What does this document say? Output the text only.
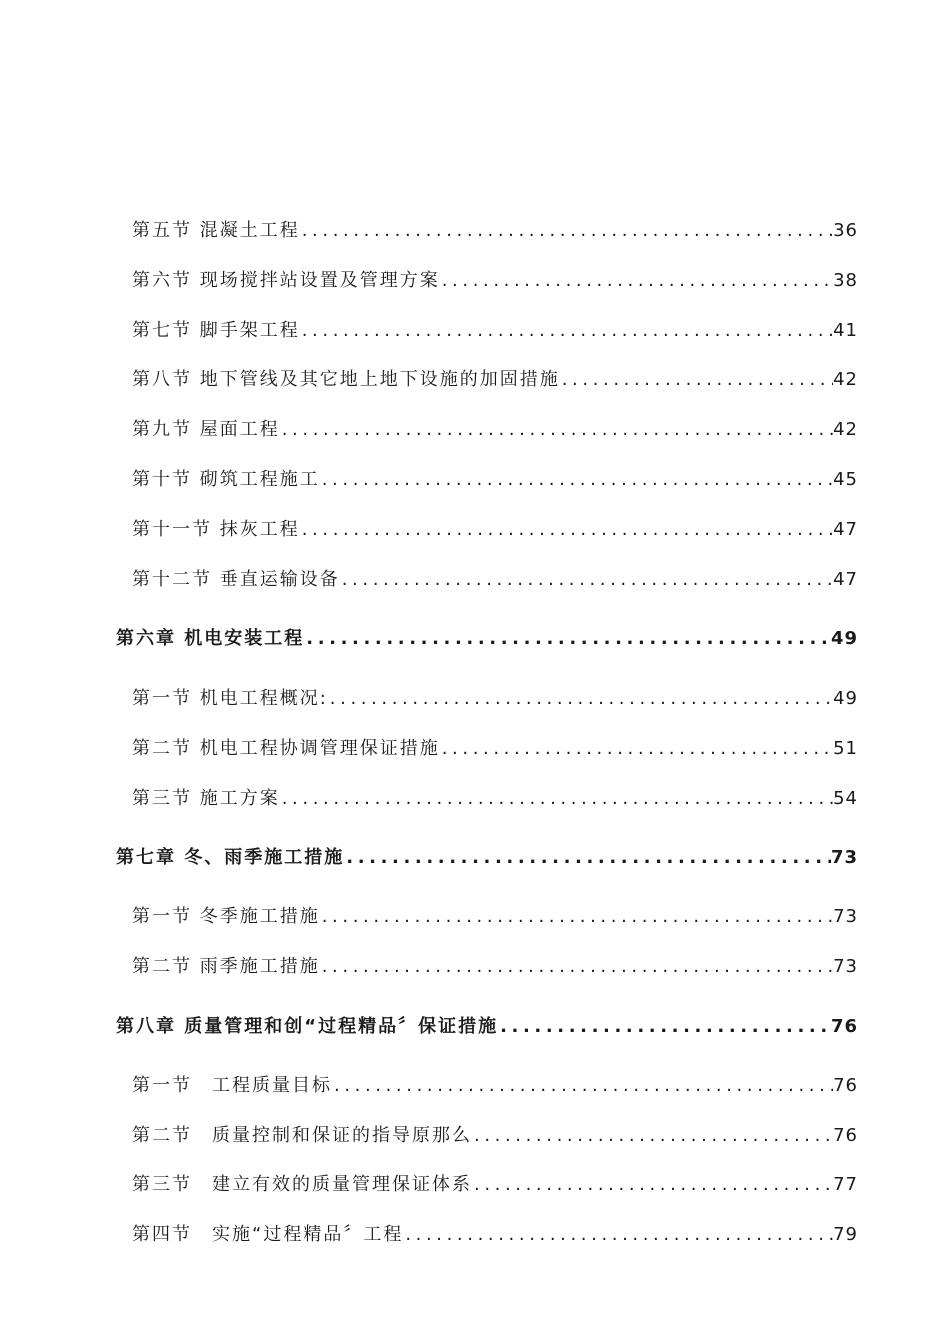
第五节 混凝土工程 .....	36
第六节 现场搅拌站设置及管理方案 .....	38
第七节 脚手架工程 .....	41
第八节 地下管线及其它地上地下设施的加固措施 .....	42
第九节 屋面工程 .....	42
第十节 砌筑工程施工 .....	45
第十一节 抹灰工程 .....	47
第十二节 垂直运输设备 .....	47
第六章 机电安装工程 .....	49
第一节 机电工程概况: .....	49
第二节 机电工程协调管理保证措施 .....	51
第三节 施工方案 .....	54
第七章 冬、雨季施工措施 .....	73
第一节 冬季施工措施 .....	73
第二节 雨季施工措施 .....	73
第八章 质量管理和创“过程精品〞保证措施 .....	76
第一节　工程质量目标 .....	76
第二节　质量控制和保证的指导原那么 .....	76
第三节　建立有效的质量管理保证体系 .....	77
第四节　实施“过程精品〞工程 .....	79
